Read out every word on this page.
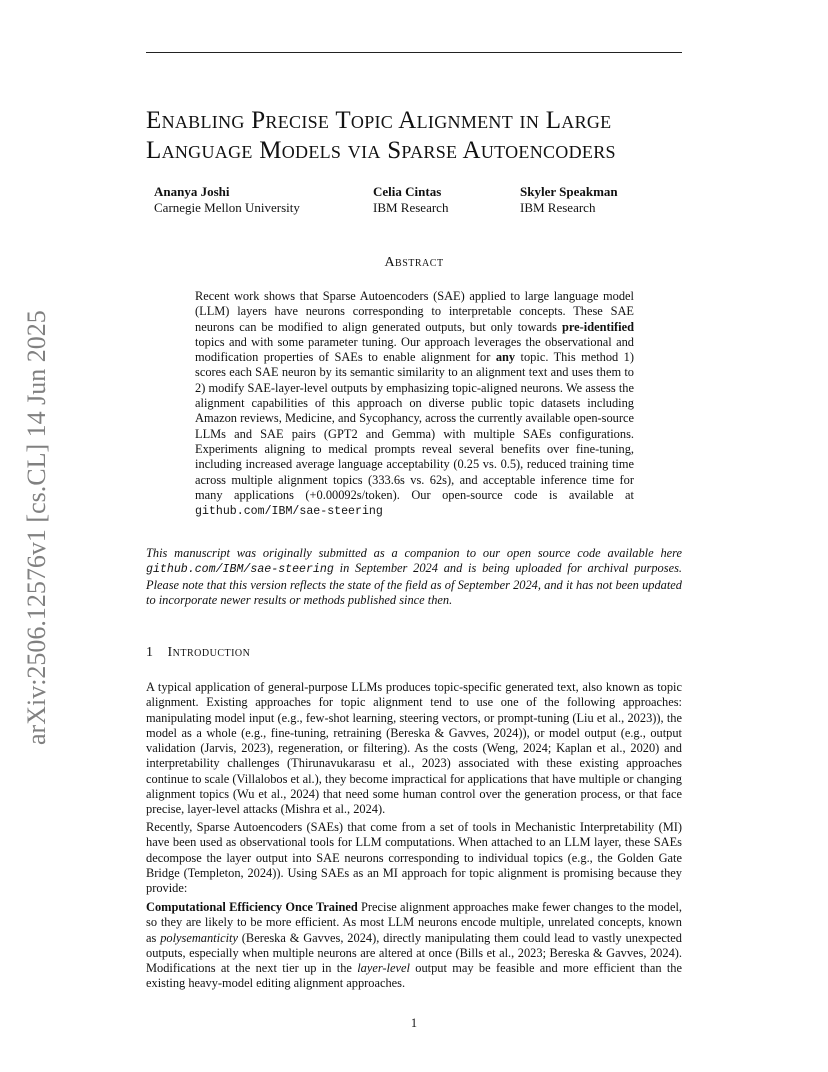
arXiv:2506.12576v1 [cs.CL] 14 Jun 2025
Enabling Precise Topic Alignment in Large
Language Models via Sparse Autoencoders
Ananya Joshi
Carnegie Mellon University
Celia Cintas
IBM Research
Skyler Speakman
IBM Research
Abstract
Recent work shows that Sparse Autoencoders (SAE) applied to large language model (LLM) layers have neurons corresponding to interpretable concepts. These SAE neurons can be modified to align generated outputs, but only towards pre-identified topics and with some parameter tuning. Our approach leverages the observational and modification properties of SAEs to enable alignment for any topic. This method 1) scores each SAE neuron by its semantic similarity to an alignment text and uses them to 2) modify SAE-layer-level outputs by emphasizing topic-aligned neurons. We assess the alignment capabilities of this approach on diverse public topic datasets including Amazon reviews, Medicine, and Sycophancy, across the currently available open-source LLMs and SAE pairs (GPT2 and Gemma) with multiple SAEs configurations. Experiments aligning to medical prompts reveal several benefits over fine-tuning, including increased average language acceptability (0.25 vs. 0.5), reduced training time across multiple alignment topics (333.6s vs. 62s), and acceptable inference time for many applications (+0.00092s/token). Our open-source code is available at github.com/IBM/sae-steering
This manuscript was originally submitted as a companion to our open source code available here github.com/IBM/sae-steering in September 2024 and is being uploaded for archival purposes. Please note that this version reflects the state of the field as of September 2024, and it has not been updated to incorporate newer results or methods published since then.
1 Introduction
A typical application of general-purpose LLMs produces topic-specific generated text, also known as topic alignment. Existing approaches for topic alignment tend to use one of the following approaches: manipulating model input (e.g., few-shot learning, steering vectors, or prompt-tuning (Liu et al., 2023)), the model as a whole (e.g., fine-tuning, retraining (Bereska & Gavves, 2024)), or model output (e.g., output validation (Jarvis, 2023), regeneration, or filtering). As the costs (Weng, 2024; Kaplan et al., 2020) and interpretability challenges (Thirunavukarasu et al., 2023) associated with these existing approaches continue to scale (Villalobos et al.), they become impractical for applications that have multiple or changing alignment topics (Wu et al., 2024) that need some human control over the generation process, or that face precise, layer-level attacks (Mishra et al., 2024).
Recently, Sparse Autoencoders (SAEs) that come from a set of tools in Mechanistic Interpretability (MI) have been used as observational tools for LLM computations. When attached to an LLM layer, these SAEs decompose the layer output into SAE neurons corresponding to individual topics (e.g., the Golden Gate Bridge (Templeton, 2024)). Using SAEs as an MI approach for topic alignment is promising because they provide:
Computational Efficiency Once Trained Precise alignment approaches make fewer changes to the model, so they are likely to be more efficient. As most LLM neurons encode multiple, unrelated concepts, known as polysemanticity (Bereska & Gavves, 2024), directly manipulating them could lead to vastly unexpected outputs, especially when multiple neurons are altered at once (Bills et al., 2023; Bereska & Gavves, 2024). Modifications at the next tier up in the layer-level output may be feasible and more efficient than the existing heavy-model editing alignment approaches.
1
